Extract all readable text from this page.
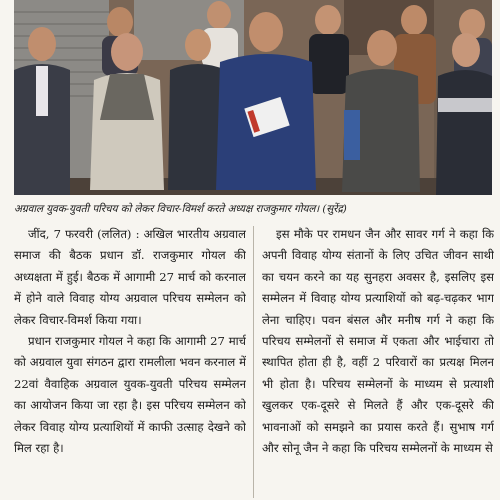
अग्रवाल युवक-युवती परिचय को लेकर विचार-विमर्श करते अध्यक्ष राजकुमार गोयल। (सुरेंद्र)

जींद, 7 फरवरी (ललित) : अखिल भारतीय अग्रवाल समाज की बैठक प्रधान डॉ. राजकुमार गोयल की अध्यक्षता में हुई। बैठक में आगामी 27 मार्च को करनाल में होने वाले विवाह योग्य अग्रवाल परिचय सम्मेलन को लेकर विचार-विमर्श किया गया।

प्रधान राजकुमार गोयल ने कहा कि आगामी 27 मार्च को अग्रवाल युवा संगठन द्वारा रामलीला भवन करनाल में 22वां वैवाहिक अग्रवाल युवक-युवती परिचय सम्मेलन का आयोजन किया जा रहा है। इस परिचय सम्मेलन को लेकर विवाह योग्य प्रत्याशियों में काफी उत्साह देखने को मिल रहा है।

इस मौके पर रामधन जैन और सावर गर्ग ने कहा कि अपनी विवाह योग्य संतानों के लिए उचित जीवन साथी का चयन करने का यह सुनहरा अवसर है, इसलिए इस सम्मेलन में विवाह योग्य प्रत्याशियों को बढ़-चढ़कर भाग लेना चाहिए। पवन बंसल और मनीष गर्ग ने कहा कि परिचय सम्मेलनों से समाज में एकता और भाईचारा तो स्थापित होता ही है, वहीं 2 परिवारों का प्रत्यक्ष मिलन भी होता है। परिचय सम्मेलनों के माध्यम से प्रत्याशी खुलकर एक-दूसरे से मिलते हैं और एक-दूसरे की भावनाओं को समझने का प्रयास करते हैं। सुभाष गर्ग और सोनू जैन ने कहा कि परिचय सम्मेलनों के माध्यम से
